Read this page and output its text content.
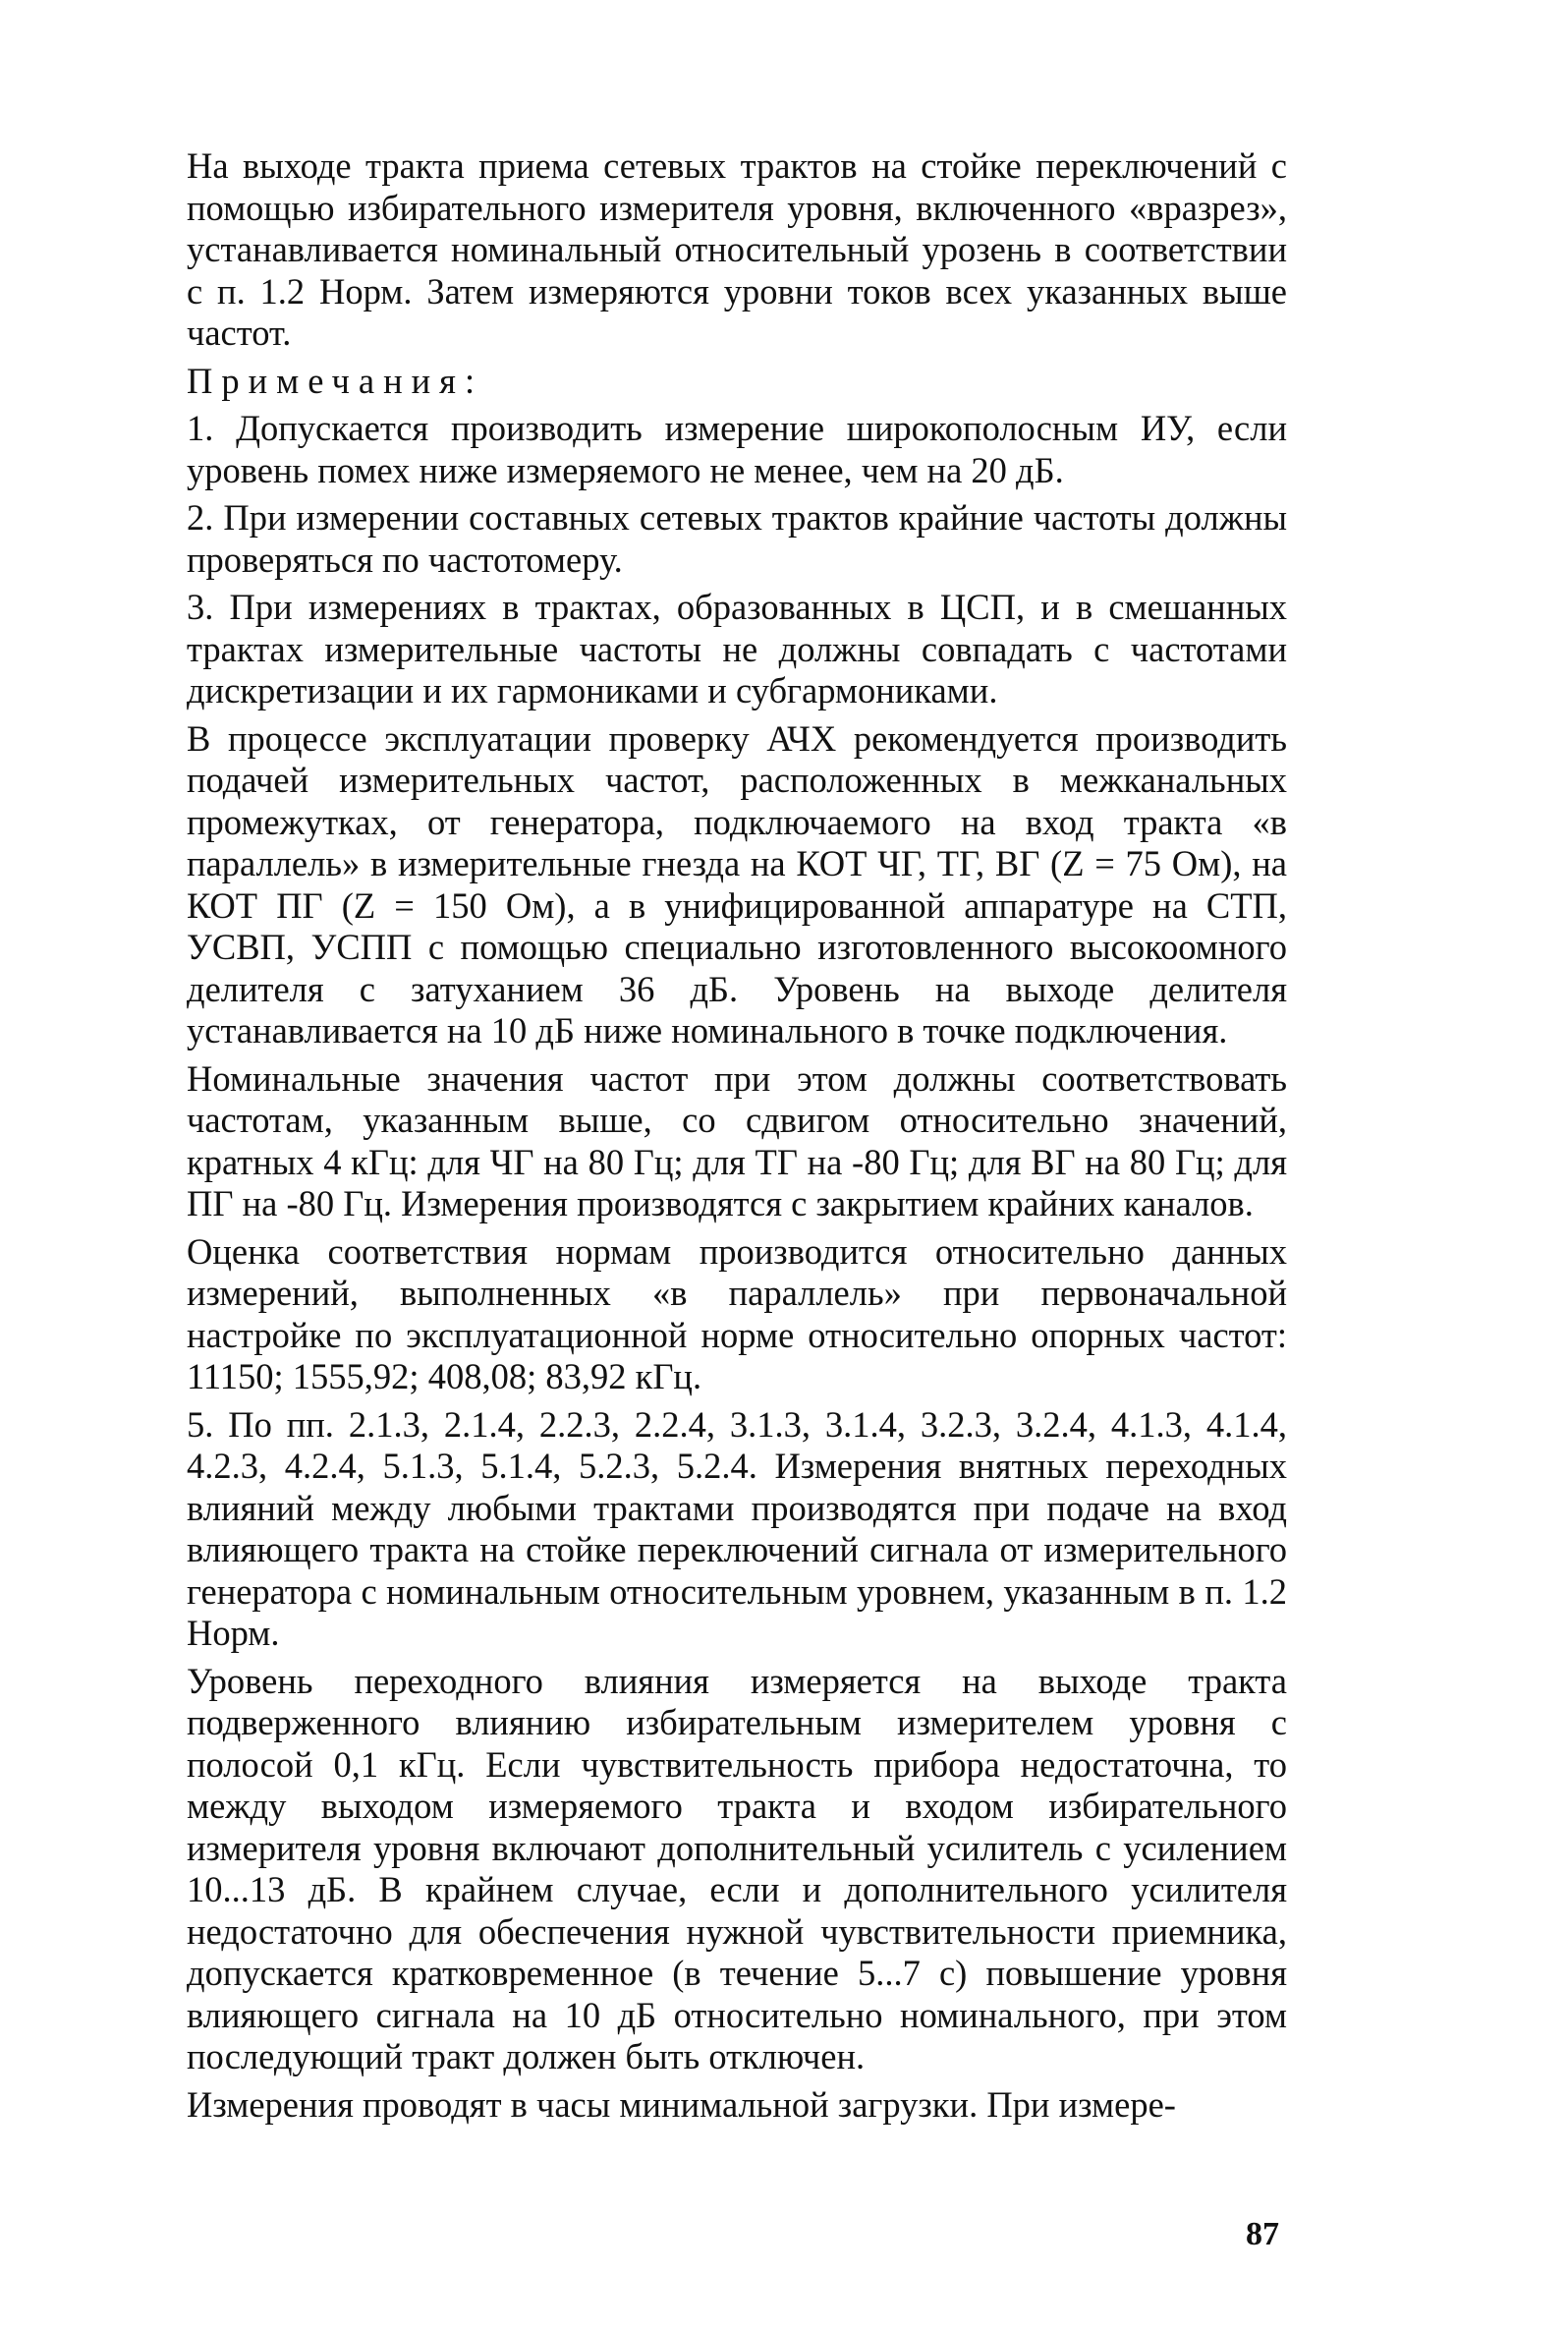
На выходе тракта приема сетевых трактов на стойке переключений с помощью избирательного измерителя уровня, включенного «вразрез», устанавливается номинальный относительный урозень в соответствии с п. 1.2 Норм. Затем измеряются уровни токов всех указанных выше частот.

Примечания:

1. Допускается производить измерение широкополосным ИУ, если уровень помех ниже измеряемого не менее, чем на 20 дБ.

2. При измерении составных сетевых трактов крайние частоты должны проверяться по частотомеру.

3. При измерениях в трактах, образованных в ЦСП, и в смешанных трактах измерительные частоты не должны совпадать с частотами дискретизации и их гармониками и субгармониками.

В процессе эксплуатации проверку АЧХ рекомендуется производить подачей измерительных частот, расположенных в межканальных промежутках, от генератора, подключаемого на вход тракта «в параллель» в измерительные гнезда на КОТ ЧГ, ТГ, ВГ (Z = 75 Ом), на КОТ ПГ (Z = 150 Ом), а в унифицированной аппаратуре на СТП, УСВП, УСПП с помощью специально изготовленного высокоомного делителя с затуханием 36 дБ. Уровень на выходе делителя устанавливается на 10 дБ ниже номинального в точке подключения.

Номинальные значения частот при этом должны соответствовать частотам, указанным выше, со сдвигом относительно значений, кратных 4 кГц: для ЧГ на 80 Гц; для ТГ на -80 Гц; для ВГ на 80 Гц; для ПГ на -80 Гц. Измерения производятся с закрытием крайних каналов.

Оценка соответствия нормам производится относительно данных измерений, выполненных «в параллель» при первоначальной настройке по эксплуатационной норме относительно опорных частот: 11150; 1555,92; 408,08; 83,92 кГц.

5. По пп. 2.1.3, 2.1.4, 2.2.3, 2.2.4, 3.1.3, 3.1.4, 3.2.3, 3.2.4, 4.1.3, 4.1.4, 4.2.3, 4.2.4, 5.1.3, 5.1.4, 5.2.3, 5.2.4. Измерения внятных переходных влияний между любыми трактами производятся при подаче на вход влияющего тракта на стойке переключений сигнала от измерительного генератора с номинальным относительным уровнем, указанным в п. 1.2 Норм.

Уровень переходного влияния измеряется на выходе тракта подверженного влиянию избирательным измерителем уровня с полосой 0,1 кГц. Если чувствительность прибора недостаточна, то между выходом измеряемого тракта и входом избирательного измерителя уровня включают дополнительный усилитель с усилением 10...13 дБ. В крайнем случае, если и дополнительного усилителя недостаточно для обеспечения нужной чувствительности приемника, допускается кратковременное (в течение 5...7 с) повышение уровня влияющего сигнала на 10 дБ относительно номинального, при этом последующий тракт должен быть отключен.

Измерения проводят в часы минимальной загрузки. При измере-

87
